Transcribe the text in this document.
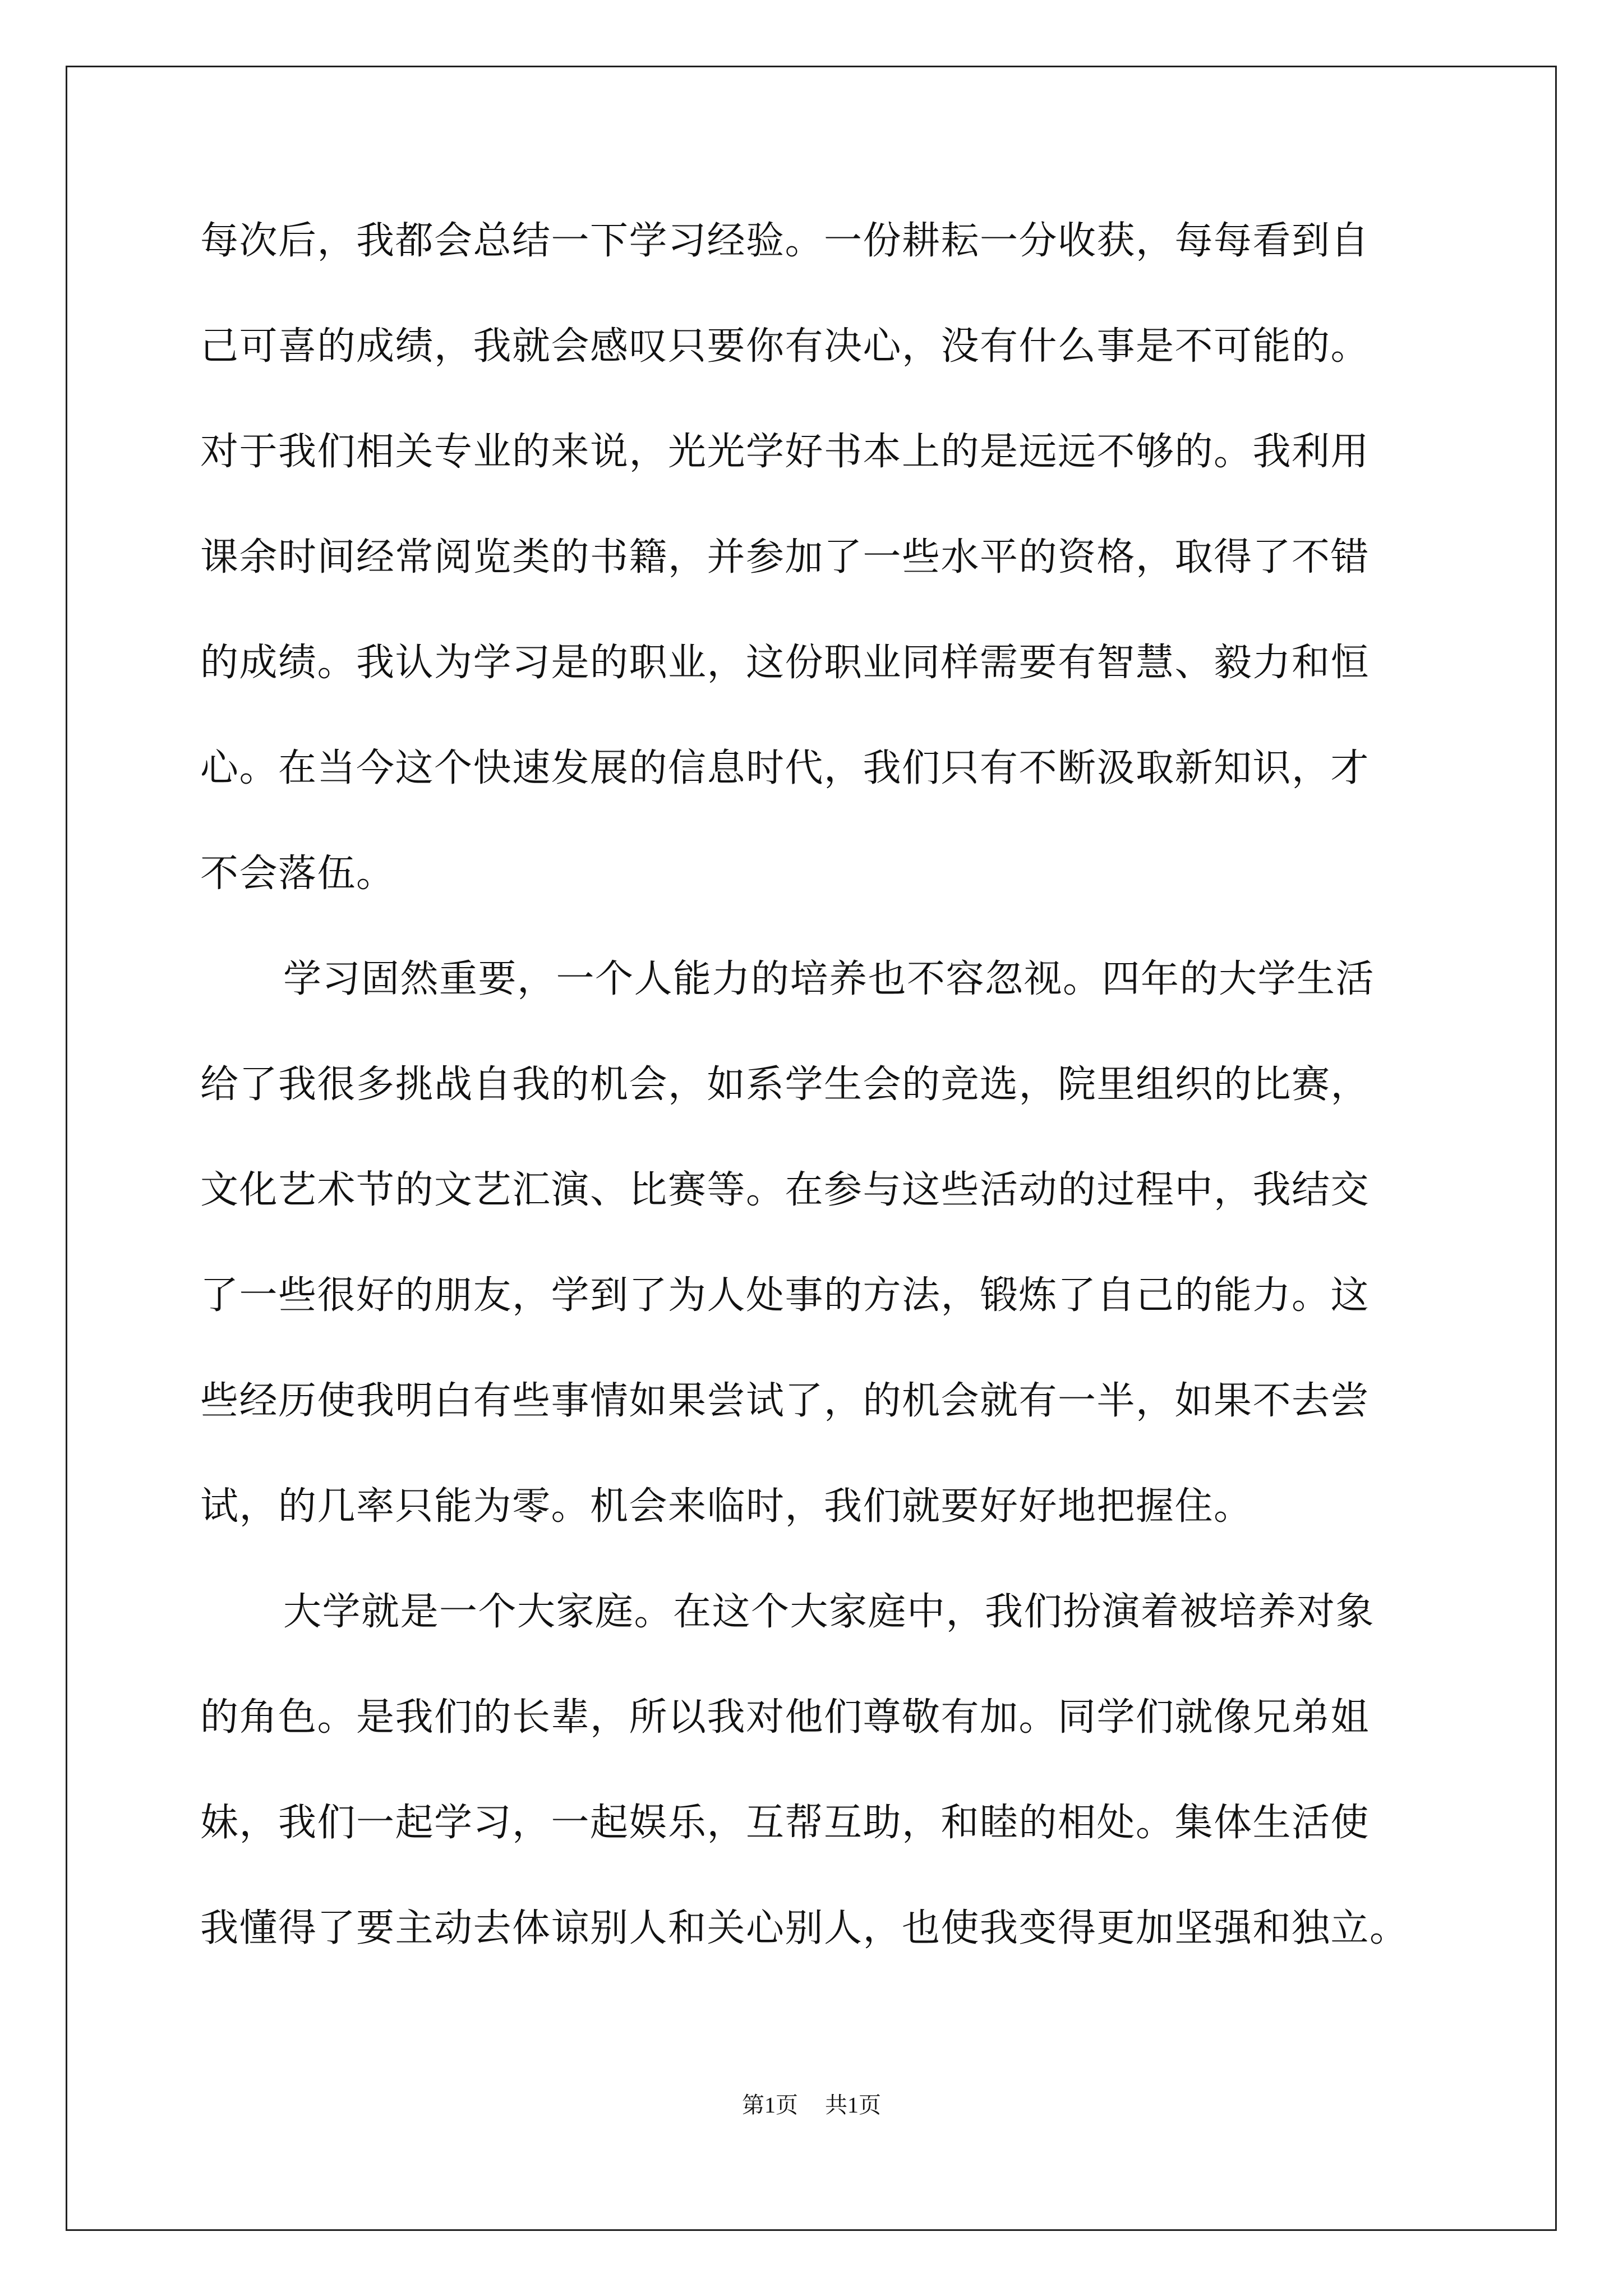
每次后，我都会总结一下学习经验。一份耕耘一分收获，每每看到自
己可喜的成绩，我就会感叹只要你有决心，没有什么事是不可能的。
对于我们相关专业的来说，光光学好书本上的是远远不够的。我利用
课余时间经常阅览类的书籍，并参加了一些水平的资格，取得了不错
的成绩。我认为学习是的职业，这份职业同样需要有智慧、毅力和恒
心。在当今这个快速发展的信息时代，我们只有不断汲取新知识，才
不会落伍。
学习固然重要，一个人能力的培养也不容忽视。四年的大学生活
给了我很多挑战自我的机会，如系学生会的竞选，院里组织的比赛，
文化艺术节的文艺汇演、比赛等。在参与这些活动的过程中，我结交
了一些很好的朋友，学到了为人处事的方法，锻炼了自己的能力。这
些经历使我明白有些事情如果尝试了，的机会就有一半，如果不去尝
试，的几率只能为零。机会来临时，我们就要好好地把握住。
大学就是一个大家庭。在这个大家庭中，我们扮演着被培养对象
的角色。是我们的长辈，所以我对他们尊敬有加。同学们就像兄弟姐
妹，我们一起学习，一起娱乐，互帮互助，和睦的相处。集体生活使
我懂得了要主动去体谅别人和关心别人，也使我变得更加坚强和独立。
第1页 共1页
